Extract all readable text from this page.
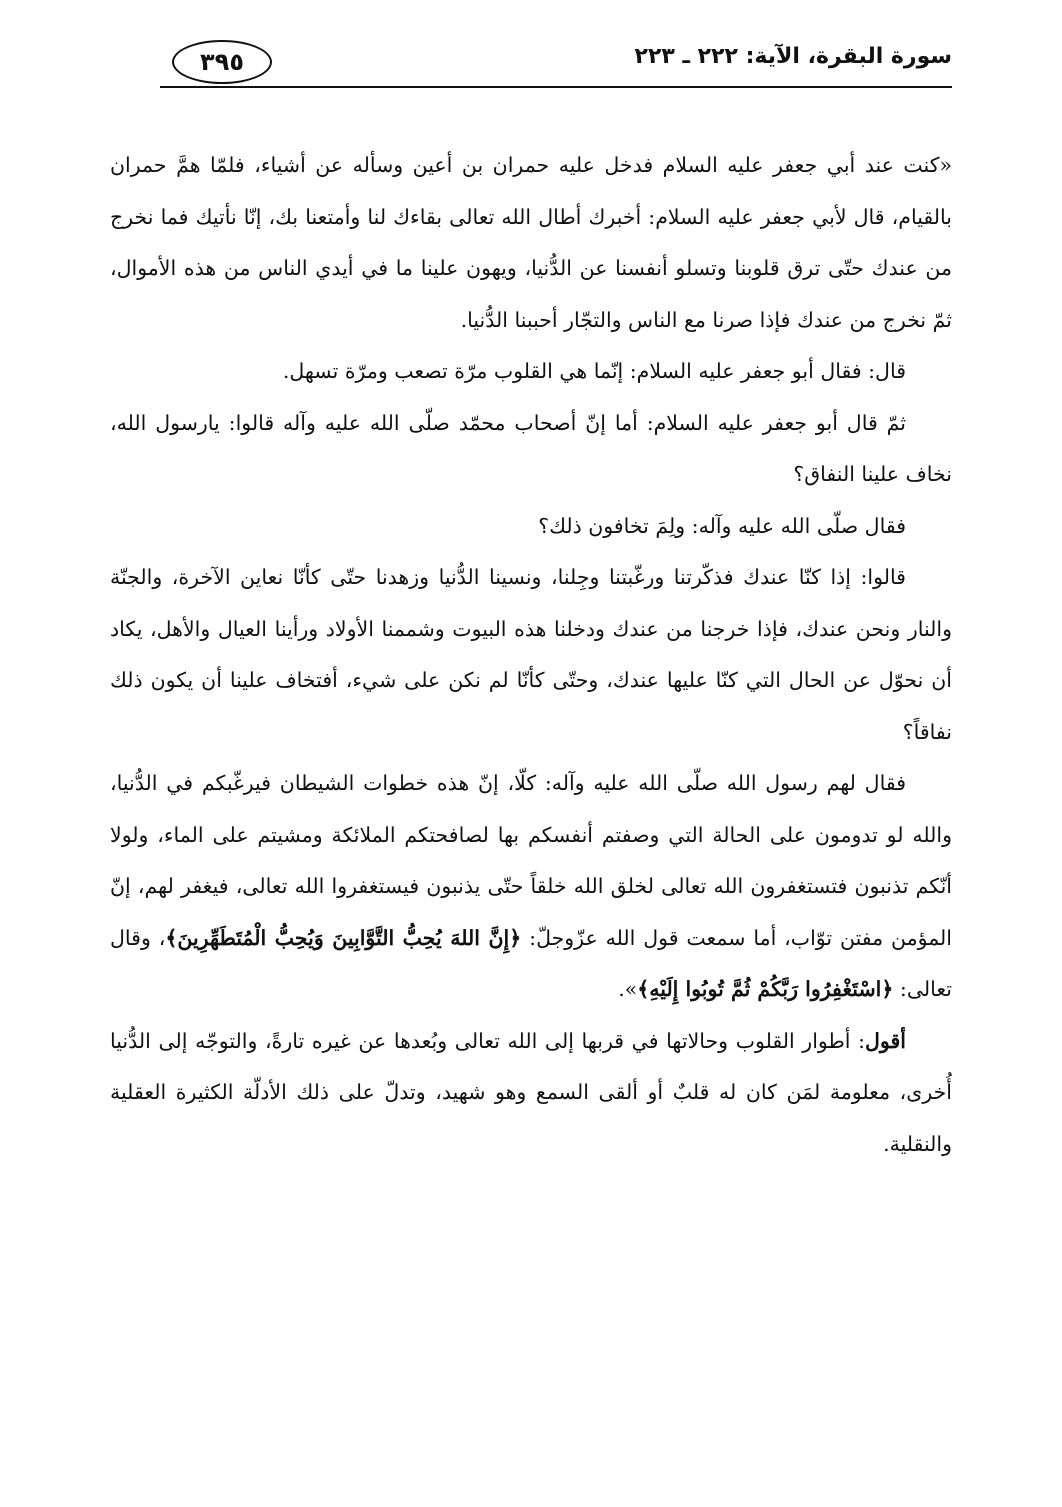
سورة البقرة، الآية: ٢٢٢ ـ ٢٢٣
٣٩٥

«كنت عند أبي جعفر عليه السلام فدخل عليه حمران بن أعين وسأله عن أشياء، فلمّا همَّ حمران بالقيام، قال لأبي جعفر عليه السلام: أخبرك أطال الله تعالى بقاءك لنا وأمتعنا بك، إنّا نأتيك فما نخرج من عندك حتّى ترق قلوبنا وتسلو أنفسنا عن الدُّنيا، ويهون علينا ما في أيدي الناس من هذه الأموال، ثمّ نخرج من عندك فإذا صرنا مع الناس والتجّار أحببنا الدُّنيا.

قال: فقال أبو جعفر عليه السلام: إنّما هي القلوب مرّة تصعب ومرّة تسهل.

ثمّ قال أبو جعفر عليه السلام: أما إنّ أصحاب محمّد صلّى الله عليه وآله قالوا: يارسول الله، نخاف علينا النفاق؟

فقال صلّى الله عليه وآله: ولِمَ تخافون ذلك؟

قالوا: إذا كنّا عندك فذكّرتنا ورغّبتنا وجِلنا، ونسينا الدُّنيا وزهدنا حتّى كأنّا نعاين الآخرة، والجنّة والنار ونحن عندك، فإذا خرجنا من عندك ودخلنا هذه البيوت وشممنا الأولاد ورأينا العيال والأهل، يكاد أن نحوّل عن الحال التي كنّا عليها عندك، وحتّى كأنّا لم نكن على شيء، أفتخاف علينا أن يكون ذلك نفاقاً؟

فقال لهم رسول الله صلّى الله عليه وآله: كلّا، إنّ هذه خطوات الشيطان فيرغّبكم في الدُّنيا، والله لو تدومون على الحالة التي وصفتم أنفسكم بها لصافحتكم الملائكة ومشيتم على الماء، ولولا أنّكم تذنبون فتستغفرون الله تعالى لخلق الله خلقاً حتّى يذنبون فيستغفروا الله تعالى، فيغفر لهم، إنّ المؤمن مفتن توّاب، أما سمعت قول الله عزّوجلّ: ﴿إِنَّ اللهَ يُحِبُّ التَّوَّابِينَ وَيُحِبُّ الْمُتَطَهِّرِينَ﴾، وقال تعالى: ﴿اسْتَغْفِرُوا رَبَّكُمْ ثُمَّ تُوبُوا إِلَيْهِ﴾».

أقول: أطوار القلوب وحالاتها في قربها إلى الله تعالى وبُعدها عن غيره تارةً، والتوجّه إلى الدُّنيا أُخرى، معلومة لمَن كان له قلبٌ أو ألقى السمع وهو شهيد، وتدلّ على ذلك الأدلّة الكثيرة العقلية والنقلية.
